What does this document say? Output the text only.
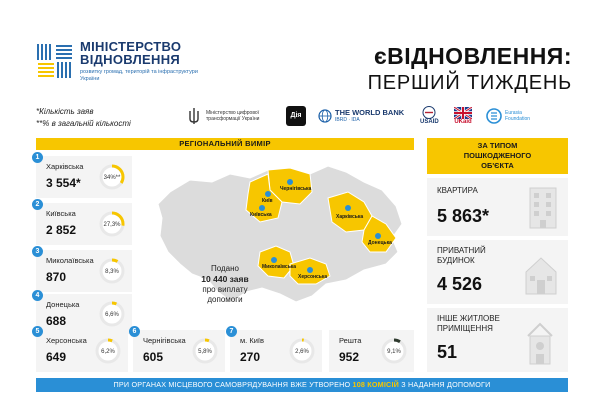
МІНІСТЕРСТВО
ВІДНОВЛЕННЯ
розвитку громад, територій та інфраструктури України
єВІДНОВЛЕННЯ:
ПЕРШИЙ ТИЖДЕНЬ
*Кількість заяв
**% в загальній кількості
Міністерство цифрової трансформації України	Дія	THE WORLD BANK
IBRD · IDA	USAID	UKaid
Eurasia Foundation
РЕГІОНАЛЬНИЙ ВИМІР
Чернігівська
Київ
Київська	Харківська
Донецька
Миколаївська
Херсонська
Подано
10 440 заяв
про виплату
допомоги
1
Харківська
3 554*	34%**
2
Київська
2 852	27,3%
3
Миколаївська
870	8,3%
4
Донецька
688	6,6%
5
Херсонська
649	6,2%
6
Чернігівська
605	5,8%
7
м. Київ
270	2,6%
Решта
952	9,1%
ЗА ТИПОМ
ПОШКОДЖЕНОГО
ОБ'ЄКТА
КВАРТИРА
5 863*
ПРИВАТНИЙ
БУДИНОК
4 526
ІНШЕ ЖИТЛОВЕ
ПРИМІЩЕННЯ
51
ПРИ ОРГАНАХ МІСЦЕВОГО САМОВРЯДУВАННЯ ВЖЕ УТВОРЕНО 108 КОМІСІЙ З НАДАННЯ ДОПОМОГИ
